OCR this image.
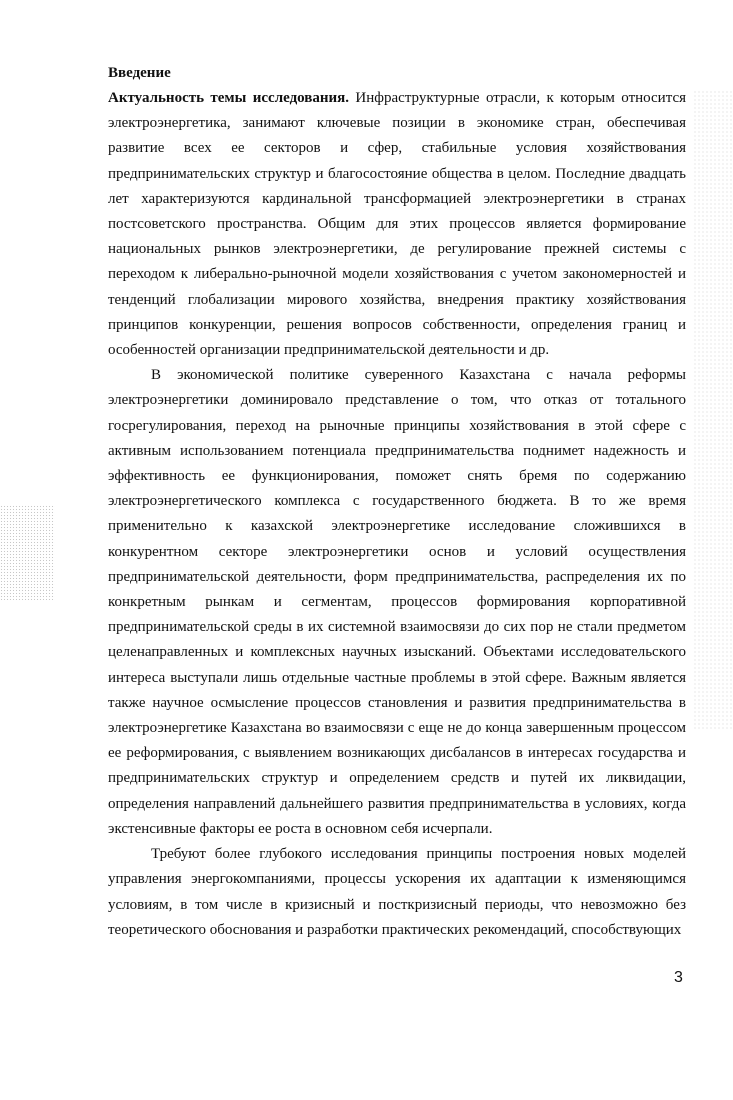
Введение

Актуальность темы исследования. Инфраструктурные отрасли, к которым относится электроэнергетика, занимают ключевые позиции в экономике стран, обеспечивая развитие всех ее секторов и сфер, стабильные условия хозяйствования предпринимательских структур и благосостояние общества в целом. Последние двадцать лет характеризуются кардинальной трансформацией электроэнергетики в странах постсоветского пространства. Общим для этих процессов является формирование национальных рынков электроэнергетики, де регулирование прежней системы с переходом к либерально-рыночной модели хозяйствования с учетом закономерностей и тенденций глобализации мирового хозяйства, внедрения практику хозяйствования принципов конкуренции, решения вопросов собственности, определения границ и особенностей организации предпринимательской деятельности и др.

В экономической политике суверенного Казахстана с начала реформы электроэнергетики доминировало представление о том, что отказ от тотального госрегулирования, переход на рыночные принципы хозяйствования в этой сфере с активным использованием потенциала предпринимательства поднимет надежность и эффективность ее функционирования, поможет снять бремя по содержанию электроэнергетического комплекса с государственного бюджета. В то же время применительно к казахской электроэнергетике исследование сложившихся в конкурентном секторе электроэнергетики основ и условий осуществления предпринимательской деятельности, форм предпринимательства, распределения их по конкретным рынкам и сегментам, процессов формирования корпоративной предпринимательской среды в их системной взаимосвязи до сих пор не стали предметом целенаправленных и комплексных научных изысканий. Объектами исследовательского интереса выступали лишь отдельные частные проблемы в этой сфере. Важным является также научное осмысление процессов становления и развития предпринимательства в электроэнергетике Казахстана во взаимосвязи с еще не до конца завершенным процессом ее реформирования, с выявлением возникающих дисбалансов в интересах государства и предпринимательских структур и определением средств и путей их ликвидации, определения направлений дальнейшего развития предпринимательства в условиях, когда экстенсивные факторы ее роста в основном себя исчерпали.

Требуют более глубокого исследования принципы построения новых моделей управления энергокомпаниями, процессы ускорения их адаптации к изменяющимся условиям, в том числе в кризисный и посткризисный периоды, что невозможно без теоретического обоснования и разработки практических рекомендаций, способствующих

3
